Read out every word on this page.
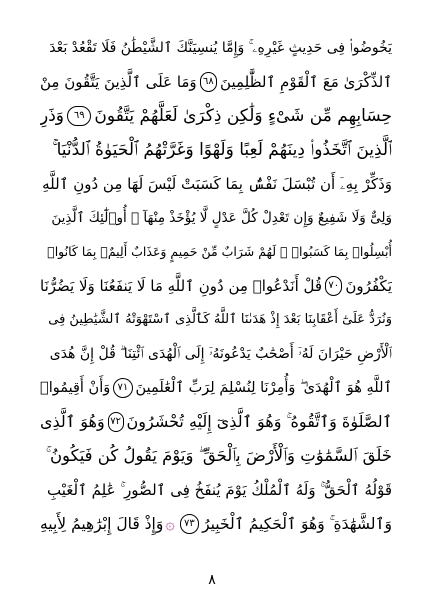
يَخُوضُوا۟ فِى حَدِيثٍ غَيْرِهِۦ ۚ وَإِمَّا يُنسِيَنَّكَ ٱلشَّيْطَٰنُ فَلَا تَقْعُدْ بَعْدَ
ٱلذِّكْرَىٰ مَعَ ٱلْقَوْمِ ٱلظَّٰلِمِينَ
٦٨
وَمَا عَلَى ٱلَّذِينَ يَتَّقُونَ مِنْ
حِسَابِهِم مِّن شَىْءٍ وَلَٰكِن ذِكْرَىٰ لَعَلَّهُمْ يَتَّقُونَ
٦٩
وَذَرِ
ٱلَّذِينَ ٱتَّخَذُوا۟ دِينَهُمْ لَعِبًا وَلَهْوًا وَغَرَّتْهُمُ ٱلْحَيَوٰةُ ٱلدُّنْيَا ۚ
وَذَكِّرْ بِهِۦٓ أَن تُبْسَلَ نَفْسٌۢ بِمَا كَسَبَتْ لَيْسَ لَهَا مِن دُونِ ٱللَّهِ
وَلِىٌّ وَلَا شَفِيعٌ وَإِن تَعْدِلْ كُلَّ عَدْلٍ لَّا يُؤْخَذْ مِنْهَآ ۗ أُو۟لَٰٓئِكَ ٱلَّذِينَ
أُبْسِلُوا۟ بِمَا كَسَبُوا۟ ۖ لَهُمْ شَرَابٌ مِّنْ حَمِيمٍ وَعَذَابٌ أَلِيمٌۢ بِمَا كَانُوا۟
يَكْفُرُونَ
٧٠
قُلْ أَنَدْعُوا۟ مِن دُونِ ٱللَّهِ مَا لَا يَنفَعُنَا وَلَا يَضُرُّنَا
وَنُرَدُّ عَلَىٰٓ أَعْقَابِنَا بَعْدَ إِذْ هَدَىٰنَا ٱللَّهُ كَٱلَّذِى ٱسْتَهْوَتْهُ ٱلشَّيَٰطِينُ فِى
ٱلْأَرْضِ حَيْرَانَ لَهُۥٓ أَصْحَٰبٌ يَدْعُونَهُۥٓ إِلَى ٱلْهُدَى ٱئْتِنَا ۗ قُلْ إِنَّ هُدَى
ٱللَّهِ هُوَ ٱلْهُدَىٰ ۖ وَأُمِرْنَا لِنُسْلِمَ لِرَبِّ ٱلْعَٰلَمِينَ
٧١
وَأَنْ أَقِيمُوا۟
ٱلصَّلَوٰةَ وَٱتَّقُوهُ ۚ وَهُوَ ٱلَّذِىٓ إِلَيْهِ تُحْشَرُونَ
٧٢
وَهُوَ ٱلَّذِى
خَلَقَ ٱلسَّمَٰوَٰتِ وَٱلْأَرْضَ بِٱلْحَقِّ ۖ وَيَوْمَ يَقُولُ كُن فَيَكُونُ ۚ
قَوْلُهُ ٱلْحَقُّ ۚ وَلَهُ ٱلْمُلْكُ يَوْمَ يُنفَخُ فِى ٱلصُّورِ ۚ عَٰلِمُ ٱلْغَيْبِ
وَٱلشَّهَٰدَةِ ۚ وَهُوَ ٱلْحَكِيمُ ٱلْخَبِيرُ
٧٣
۞
وَإِذْ قَالَ إِبْرَٰهِيمُ لِأَبِيهِ
٨
